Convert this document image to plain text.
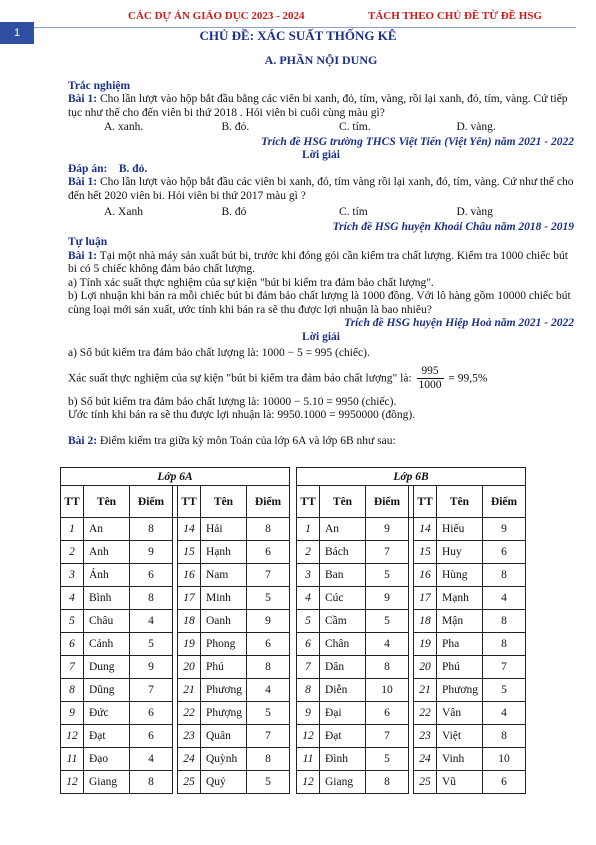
1
CÁC DỰ ÁN GIÁO DỤC 2023 - 2024	TÁCH THEO CHỦ ĐỀ TỪ ĐỀ HSG
CHỦ ĐỀ: XÁC SUẤT THỐNG KÊ
A. PHẦN NỘI DUNG
Trắc nghiệm
Bài 1: Cho lần lượt vào hộp bắt đầu bằng các viên bi xanh, đỏ, tím, vàng, rồi lại xanh, đỏ, tím, vàng. Cứ tiếp tục như thế cho đến viên bi thứ 2018 . Hỏi viên bi cuối cùng màu gì?
A. xanh.	B. đỏ.	C. tím.	D. vàng.
Trích đề HSG trường THCS Việt Tiến (Việt Yên) năm 2021 - 2022
Lời giải
Đáp án: B. đỏ.
Bài 1: Cho lần lượt vào hộp bắt đầu các viên bi xanh, đỏ, tím vàng rồi lại xanh, đỏ, tím, vàng. Cứ như thế cho đến hết 2020 viên bi. Hỏi viên bi thứ 2017 màu gì ?
A. Xanh	B. đỏ	C. tím	D. vàng
Trích đề HSG huyện Khoái Châu năm 2018 - 2019
Tự luận
Bài 1: Tại một nhà máy sản xuất bút bi, trước khi đóng gói cần kiểm tra chất lượng. Kiểm tra 1000 chiếc bút bi có 5 chiếc không đảm bảo chất lượng.
a) Tính xác suất thực nghiệm của sự kiện "bút bi kiểm tra đảm bảo chất lượng".
b) Lợi nhuận khi bán ra mỗi chiếc bút bi đảm bảo chất lượng là 1000 đồng. Với lô hàng gồm 10000 chiếc bút cùng loại mới sản xuất, ước tính khi bán ra sẽ thu được lợi nhuận là bao nhiêu?
Trích đề HSG huyện Hiệp Hoà năm 2021 - 2022
Lời giải
a) Số bút kiểm tra đảm bảo chất lượng là: 1000 − 5 = 995 (chiếc).
Xác suất thực nghiệm của sự kiện "bút bi kiểm tra đảm bảo chất lượng" là: $\frac{995}{1000} = 99,5\%$
b) Số bút kiểm tra đảm bảo chất lượng là: 10000 − 5.10 = 9950 (chiếc).
Ước tính khi bán ra sẽ thu được lợi nhuận là: 9950.1000 = 9950000 (đồng).
Bài 2: Điểm kiểm tra giữa kỳ môn Toán của lớp 6A và lớp 6B như sau:
Lớp 6A						
TT	Tên	Điểm		TT	Tên	Điểm
1	An	8		14	Hải	8
2	Anh	9		15	Hạnh	6
3	Ánh	6		16	Nam	7
4	Bình	8		17	Minh	5
5	Châu	4		18	Oanh	9
6	Cảnh	5		19	Phong	6
7	Dung	9		20	Phú	8
8	Dũng	7		21	Phương	4
9	Đức	6		22	Phượng	5
12	Đạt	6		23	Quân	7
11	Đạo	4		24	Quỳnh	8
12	Giang	8		25	Quý	5
Lớp 6B						
TT	Tên	Điểm		TT	Tên	Điểm
1	An	9		14	Hiếu	9
2	Bách	7		15	Huy	6
3	Ban	5		16	Hùng	8
4	Cúc	9		17	Mạnh	4
5	Cầm	5		18	Mận	8
6	Chân	4		19	Pha	8
7	Dân	8		20	Phú	7
8	Diễn	10		21	Phương	5
9	Đại	6		22	Vân	4
12	Đạt	7		23	Việt	8
11	Đình	5		24	Vinh	10
12	Giang	8		25	Vũ	6
